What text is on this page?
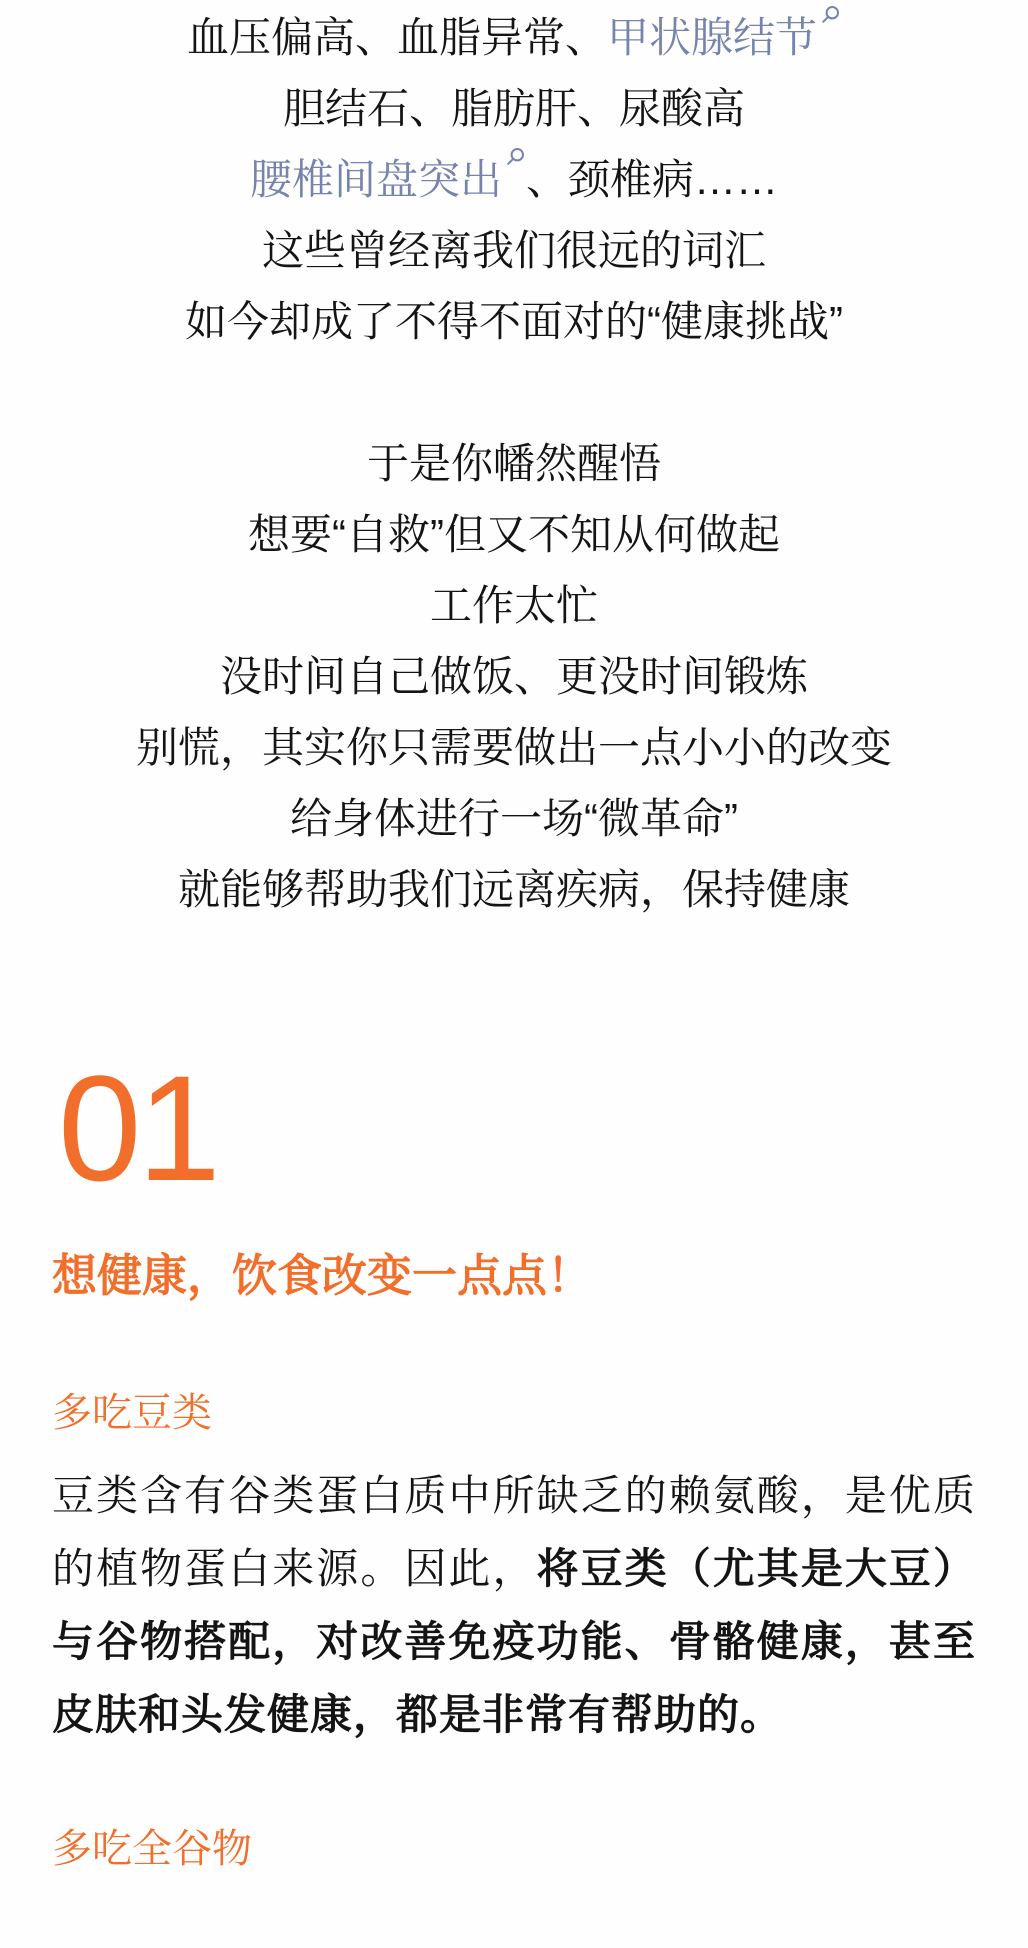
血压偏高、血脂异常、甲状腺结节

胆结石、脂肪肝、尿酸高

腰椎间盘突出 、颈椎病……

这些曾经离我们很远的词汇

如今却成了不得不面对的“健康挑战”

于是你幡然醒悟

想要“自救”但又不知从何做起

工作太忙

没时间自己做饭、更没时间锻炼

别慌，其实你只需要做出一点小小的改变

给身体进行一场“微革命”

就能够帮助我们远离疾病，保持健康

01
想健康，饮食改变一点点！
多吃豆类

豆类含有谷类蛋白质中所缺乏的赖氨酸，是优质的植物蛋白来源。因此，将豆类（尤其是大豆）与谷物搭配，对改善免疫功能、骨骼健康，甚至皮肤和头发健康，都是非常有帮助的。

多吃全谷物
